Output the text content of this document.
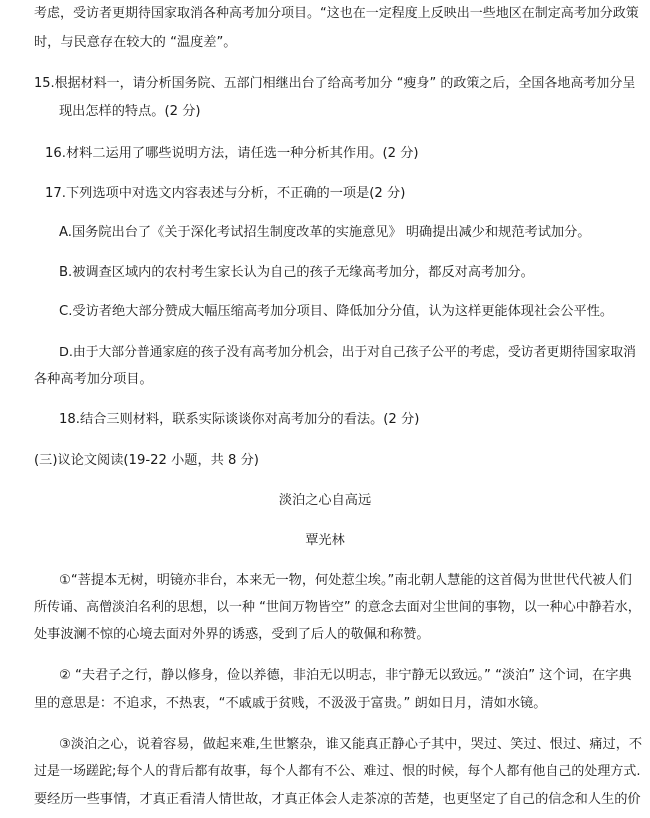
考虑，受访者更期待国家取消各种高考加分项目。“这也在一定程度上反映出一些地区在制定高考加分政策
时，与民意存在较大的 “温度差”。
15.根据材料一，请分析国务院、五部门相继出台了给高考加分 “瘦身” 的政策之后，全国各地高考加分呈
现出怎样的特点。(2 分)
16.材料二运用了哪些说明方法，请任选一种分析其作用。(2 分)
17.下列选项中对选文内容表述与分析，不正确的一项是(2 分)
A.国务院出台了《关于深化考试招生制度改革的实施意见》 明确提出减少和规范考试加分。
B.被调查区域内的农村考生家长认为自己的孩子无缘高考加分，都反对高考加分。
C.受访者绝大部分赞成大幅压缩高考加分项目、降低加分分值，认为这样更能体现社会公平性。
D.由于大部分普通家庭的孩子没有高考加分机会，出于对自己孩子公平的考虑，受访者更期待国家取消
各种高考加分项目。
18.结合三则材料，联系实际谈谈你对高考加分的看法。(2 分)
(三)议论文阅读(19-22 小题，共 8 分)
淡泊之心自高远
覃光林
①“菩提本无树，明镜亦非台，本来无一物，何处惹尘埃。”南北朝人慧能的这首偈为世世代代被人们
所传诵、高僧淡泊名利的思想，以一种 “世间万物皆空” 的意念去面对尘世间的事物，以一种心中静若水，
处事波澜不惊的心境去面对外界的诱惑，受到了后人的敬佩和称赞。
② “夫君子之行，静以修身，俭以养德，非泊无以明志，非宁静无以致远。” “淡泊” 这个词，在字典
里的意思是：不追求，不热衷，“不戚戚于贫贱，不汲汲于富贵。” 朗如日月，清如水镜。
③淡泊之心，说着容易，做起来难,生世繁杂，谁又能真正静心子其中，哭过、笑过、恨过、痛过，不
过是一场蹉跎;每个人的背后都有故事，每个人都有不公、难过、恨的时候，每个人都有他自己的处理方式.
要经历一些事情，才真正看清人情世故，才真正体会人走茶凉的苦楚，也更坚定了自己的信念和人生的价
